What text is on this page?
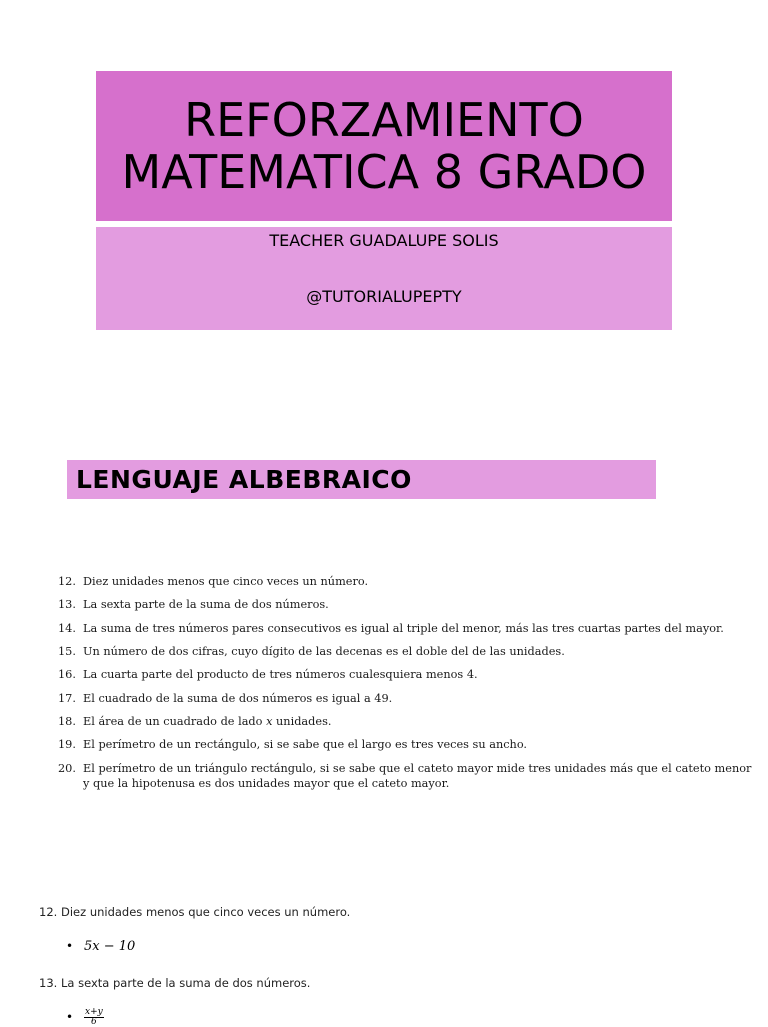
REFORZAMIENTO
MATEMATICA 8 GRADO
TEACHER GUADALUPE SOLIS
@TUTORIALUPEPTY
LENGUAJE ALBEBRAICO
12. Diez unidades menos que cinco veces un número.
13. La sexta parte de la suma de dos números.
14. La suma de tres números pares consecutivos es igual al triple del menor, más las tres cuartas partes del mayor.
15. Un número de dos cifras, cuyo dígito de las decenas es el doble del de las unidades.
16. La cuarta parte del producto de tres números cualesquiera menos 4.
17. El cuadrado de la suma de dos números es igual a 49.
18. El área de un cuadrado de lado x unidades.
19. El perímetro de un rectángulo, si se sabe que el largo es tres veces su ancho.
20. El perímetro de un triángulo rectángulo, si se sabe que el cateto mayor mide tres unidades más que el cateto menor
y que la hipotenusa es dos unidades mayor que el cateto mayor.
12. Diez unidades menos que cinco veces un número.
• 5x − 10
13. La sexta parte de la suma de dos números.
• $\frac{x+y}{6}$
